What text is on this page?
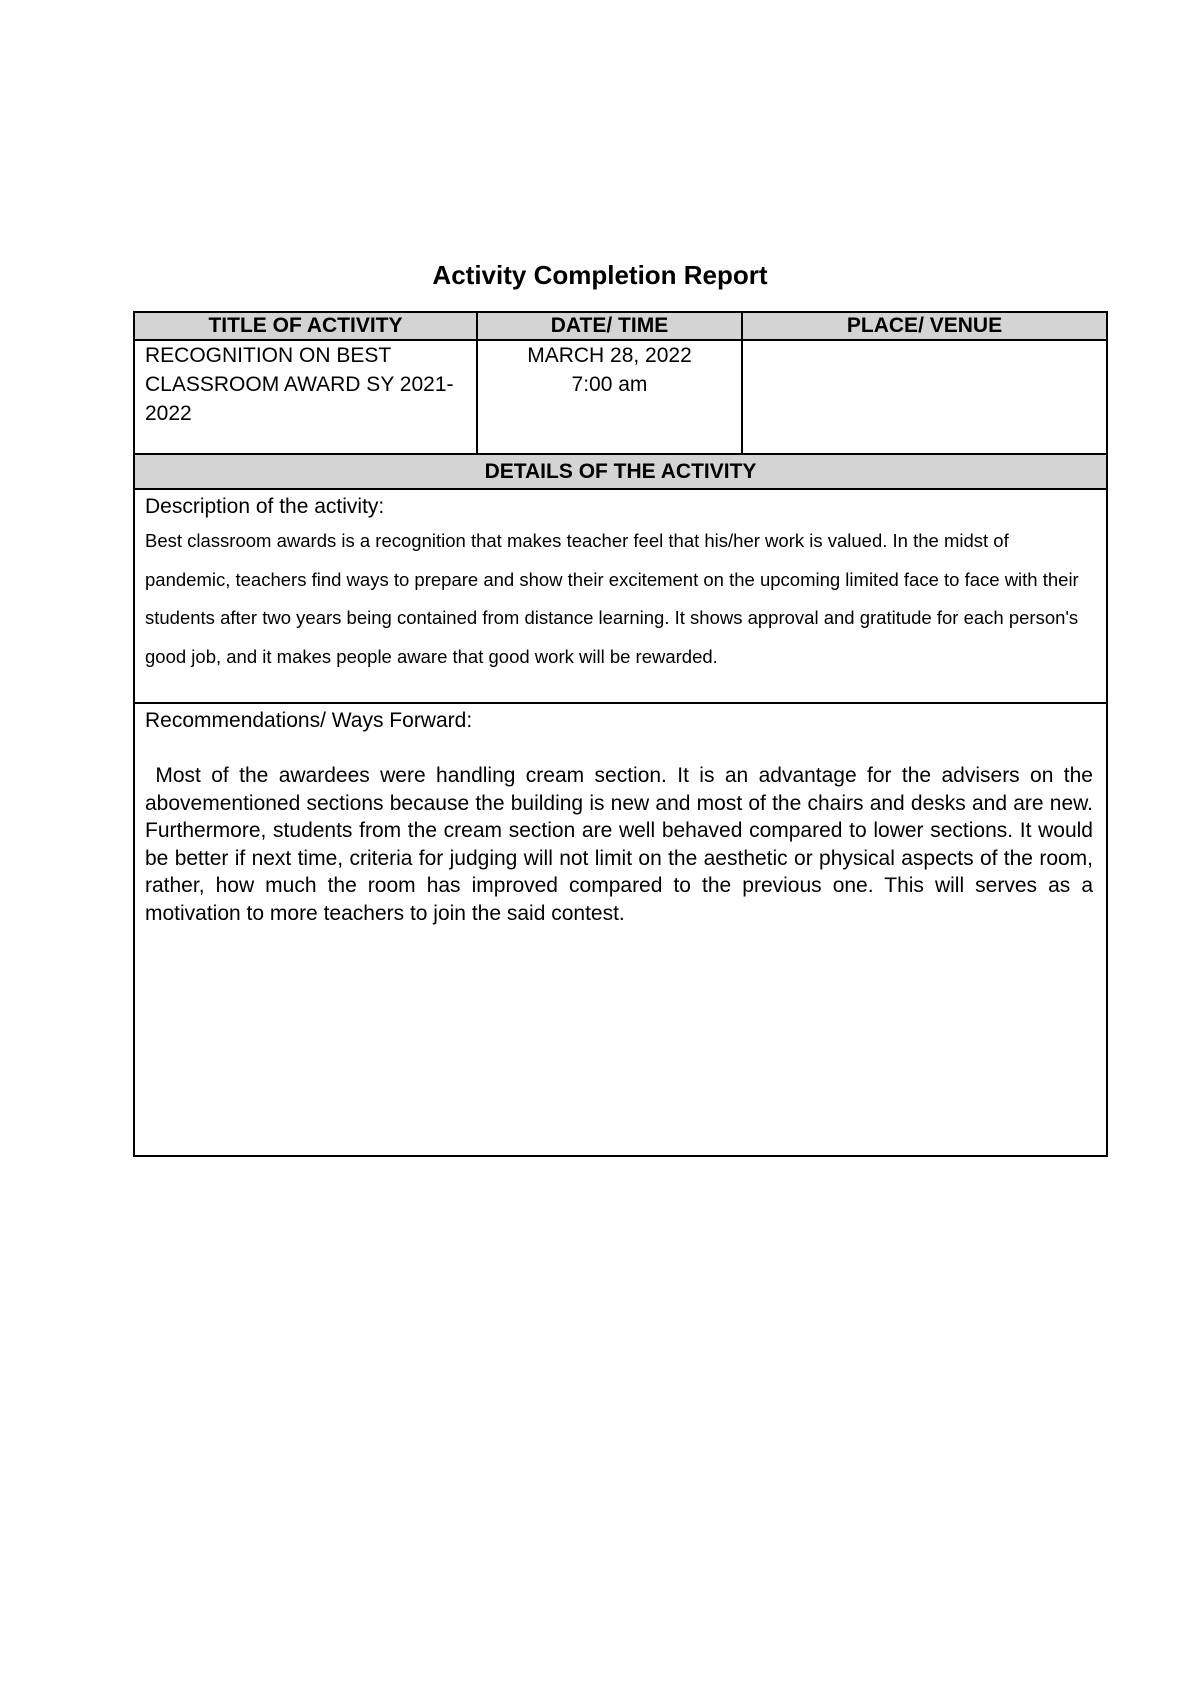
Activity Completion Report
TITLE OF ACTIVITY	DATE/ TIME	PLACE/ VENUE
RECOGNITION ON BEST CLASSROOM AWARD SY 2021-2022	MARCH 28, 2022
7:00 am	

DETAILS OF THE ACTIVITY		

Description of the activity:
Best classroom awards is a recognition that makes teacher feel that his/her work is valued. In the midst of pandemic, teachers find ways to prepare and show their excitement on the upcoming limited face to face with their students after two years being contained from distance learning. It shows approval and gratitude for each person's good job, and it makes people aware that good work will be rewarded.		

Recommendations/ Ways Forward:
Most of the awardees were handling cream section. It is an advantage for the advisers on the abovementioned sections because the building is new and most of the chairs and desks and are new. Furthermore, students from the cream section are well behaved compared to lower sections. It would be better if next time, criteria for judging will not limit on the aesthetic or physical aspects of the room, rather, how much the room has improved compared to the previous one. This will serves as a motivation to more teachers to join the said contest.		
